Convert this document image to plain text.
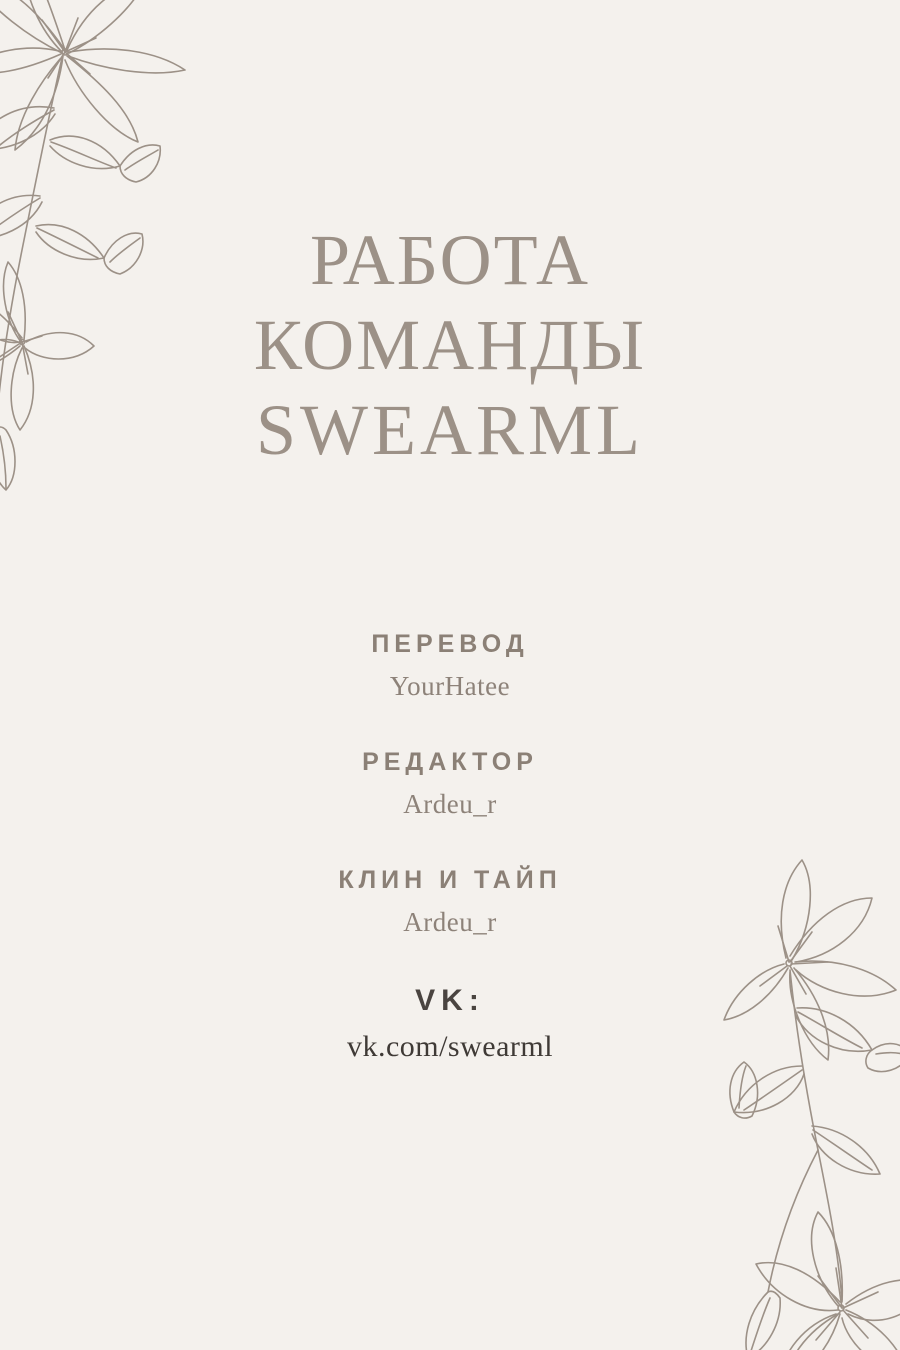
РАБОТА
КОМАНДЫ
SWEARML
ПЕРЕВОД
YourHatee
РЕДАКТОР
Ardeu_r
КЛИН И ТАЙП
Ardeu_r
VK:
vk.com/swearml
